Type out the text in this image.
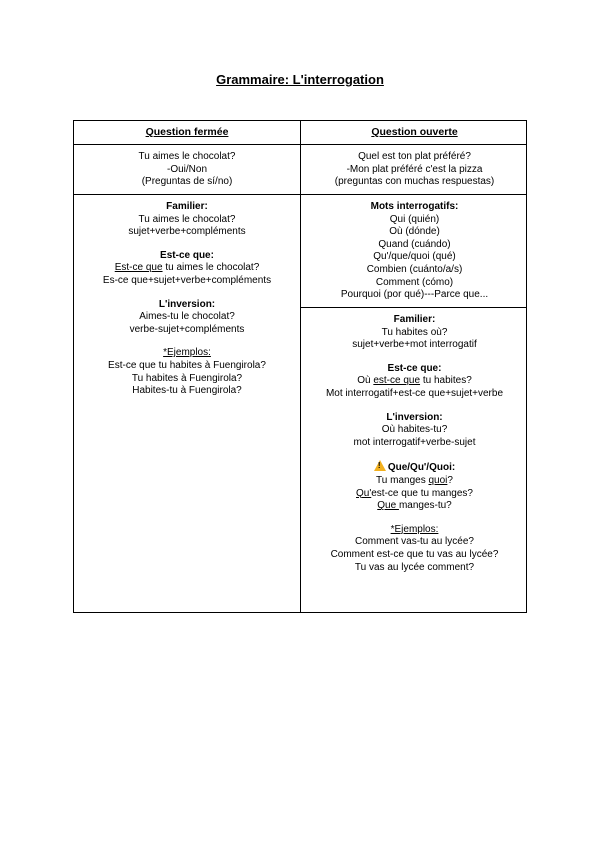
Grammaire: L'interrogation
Question fermée	Question ouverte
Tu aimes le chocolat?
-Oui/Non
(Preguntas de sí/no)
Quel est ton plat préféré?
-Mon plat préféré c'est la pizza
(preguntas con muchas respuestas)
Familier:
Tu aimes le chocolat?
sujet+verbe+compléments
Est-ce que:
Est-ce que tu aimes le chocolat?
Es-ce que+sujet+verbe+compléments
L'inversion:
Aimes-tu le chocolat?
verbe-sujet+compléments
*Ejemplos:
Est-ce que tu habites à Fuengirola?
Tu habites à Fuengirola?
Habites-tu à Fuengirola?
Mots interrogatifs:
Qui (quién)
Où (dónde)
Quand (cuándo)
Qu'/que/quoi (qué)
Combien (cuánto/a/s)
Comment (cómo)
Pourquoi (por qué)---Parce que...
Familier:
Tu habites où?
sujet+verbe+mot interrogatif
Est-ce que:
Où est-ce que tu habites?
Mot interrogatif+est-ce que+sujet+verbe
L'inversion:
Où habites-tu?
mot interrogatif+verbe-sujet
!Que/Qu'/Quoi:
Tu manges quoi?
Qu'est-ce que tu manges?
Que manges-tu?
*Ejemplos:
Comment vas-tu au lycée?
Comment est-ce que tu vas au lycée?
Tu vas au lycée comment?
